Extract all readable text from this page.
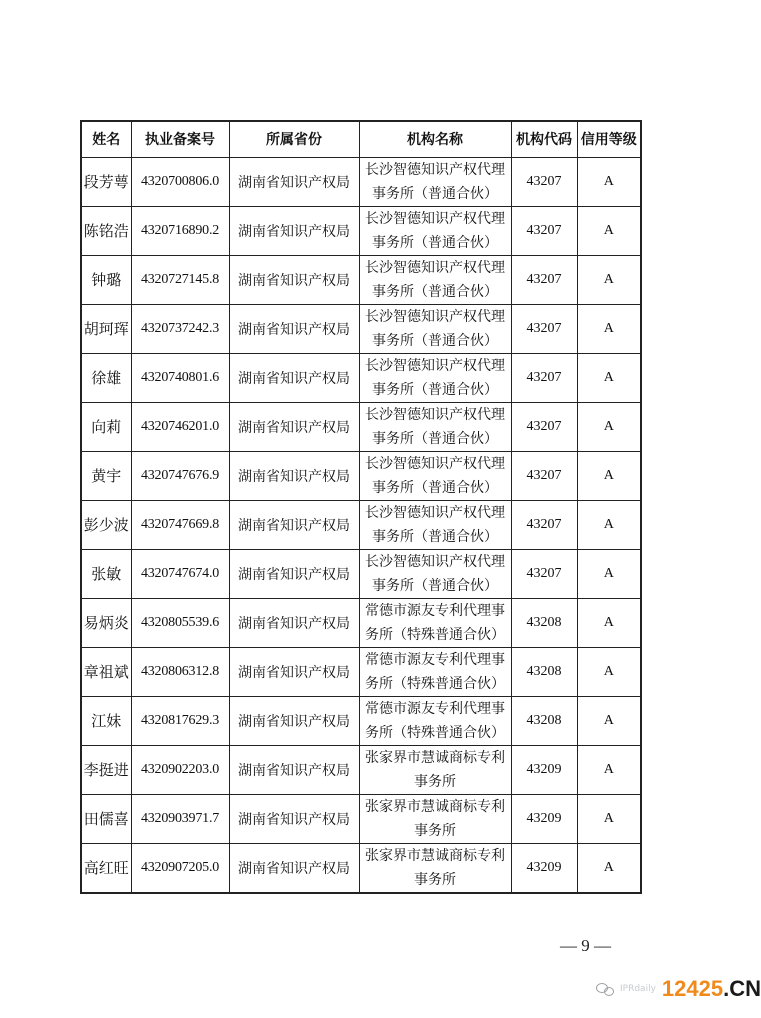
姓名	执业备案号	所属省份	机构名称	机构代码	信用等级
段芳萼	4320700806.0	湖南省知识产权局	长沙智德知识产权代理
事务所（普通合伙）	43207	A
陈铭浩	4320716890.2	湖南省知识产权局	长沙智德知识产权代理
事务所（普通合伙）	43207	A
钟璐	4320727145.8	湖南省知识产权局	长沙智德知识产权代理
事务所（普通合伙）	43207	A
胡珂珲	4320737242.3	湖南省知识产权局	长沙智德知识产权代理
事务所（普通合伙）	43207	A
徐雄	4320740801.6	湖南省知识产权局	长沙智德知识产权代理
事务所（普通合伙）	43207	A
向莉	4320746201.0	湖南省知识产权局	长沙智德知识产权代理
事务所（普通合伙）	43207	A
黄宇	4320747676.9	湖南省知识产权局	长沙智德知识产权代理
事务所（普通合伙）	43207	A
彭少波	4320747669.8	湖南省知识产权局	长沙智德知识产权代理
事务所（普通合伙）	43207	A
张敏	4320747674.0	湖南省知识产权局	长沙智德知识产权代理
事务所（普通合伙）	43207	A
易炳炎	4320805539.6	湖南省知识产权局	常德市源友专利代理事
务所（特殊普通合伙）	43208	A
章祖斌	4320806312.8	湖南省知识产权局	常德市源友专利代理事
务所（特殊普通合伙）	43208	A
江妹	4320817629.3	湖南省知识产权局	常德市源友专利代理事
务所（特殊普通合伙）	43208	A
李挺进	4320902203.0	湖南省知识产权局	张家界市慧诚商标专利
事务所	43209	A
田儒喜	4320903971.7	湖南省知识产权局	张家界市慧诚商标专利
事务所	43209	A
高红旺	4320907205.0	湖南省知识产权局	张家界市慧诚商标专利
事务所	43209	A
— 9 —
IPRdaily 12425.CN
